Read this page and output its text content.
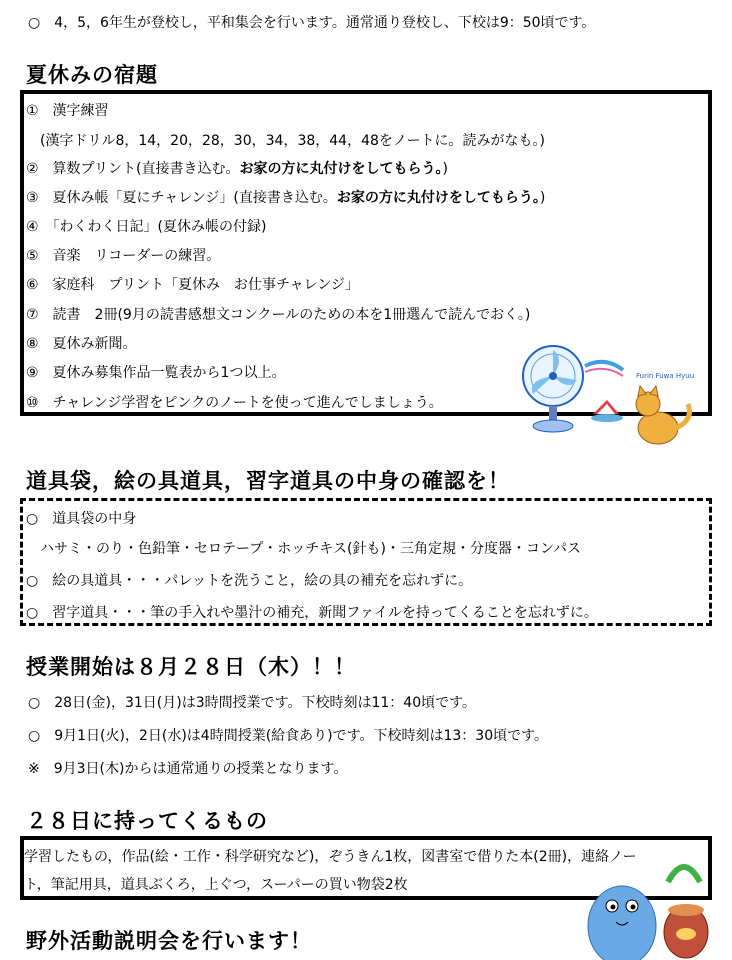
○　4，5，6年生が登校し，平和集会を行います。通常通り登校し、下校は9：50頃です。
夏休みの宿題
①　漢字練習
　(漢字ドリル8，14，20，28，30，34，38，44，48をノートに。読みがなも。)
②　算数プリント(直接書き込む。お家の方に丸付けをしてもらう。)
③　夏休み帳「夏にチャレンジ」(直接書き込む。お家の方に丸付けをしてもらう。)
④　「わくわく日記」(夏休み帳の付録)
⑤　音楽　リコーダーの練習。
⑥　家庭科　プリント「夏休み　お仕事チャレンジ」
⑦　読書　2冊(9月の読書感想文コンクールのための本を1冊選んで読んでおく。)
⑧　夏休み新聞。
⑨　夏休み募集作品一覧表から1つ以上。
⑩　チャレンジ学習をピンクのノートを使って進んでしましょう。
Furin Fuwa Hyuu
道具袋，絵の具道具，習字道具の中身の確認を！
○　道具袋の中身
　ハサミ・のり・色鉛筆・セロテープ・ホッチキス(針も)・三角定規・分度器・コンパス
○　絵の具道具・・・パレットを洗うこと，絵の具の補充を忘れずに。
○　習字道具・・・筆の手入れや墨汁の補充，新聞ファイルを持ってくることを忘れずに。
授業開始は８月２８日（木）！！
○　28日(金)，31日(月)は3時間授業です。下校時刻は11：40頃です。
○　9月1日(火)，2日(水)は4時間授業(給食あり)です。下校時刻は13：30頃です。
※　9月3日(木)からは通常通りの授業となります。
２８日に持ってくるもの
学習したもの，作品(絵・工作・科学研究など)，ぞうきん1枚，図書室で借りた本(2冊)，連絡ノー
ト，筆記用具，道具ぶくろ，上ぐつ，スーパーの買い物袋2枚
野外活動説明会を行います！
